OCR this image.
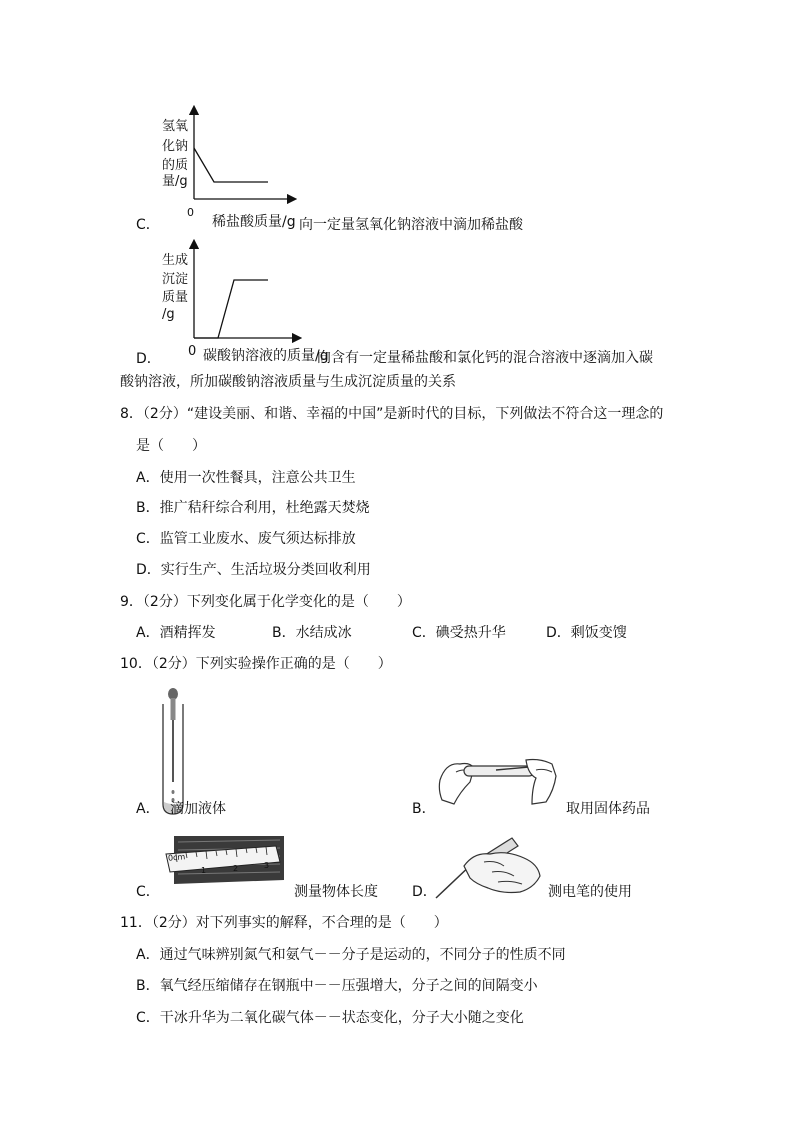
氢氧
化钠
的质
量/g
0
C．	稀盐酸质量/g 向一定量氢氧化钠溶液中滴加稀盐酸
生成
沉淀
质量
/g
0
D．	碳酸钠溶液的质量/g
向含有一定量稀盐酸和氯化钙的混合溶液中逐滴加入碳
酸钠溶液，所加碳酸钠溶液质量与生成沉淀质量的关系
8．（2分）“建设美丽、和谐、幸福的中国”是新时代的目标，下列做法不符合这一理念的
是（　　）
A．使用一次性餐具，注意公共卫生
B．推广秸秆综合利用，杜绝露天焚烧
C．监管工业废水、废气须达标排放
D．实行生产、生活垃圾分类回收利用
9．（2分）下列变化属于化学变化的是（　　）
A．酒精挥发	B．水结成冰	C．碘受热升华	D．剩饭变馊
10．（2分）下列实验操作正确的是（　　）
A． 滴加液体	B．	取用固体药品
0cm
1	2	3
C．	测量物体长度 D．	测电笔的使用
11．（2分）对下列事实的解释，不合理的是（　　）
A．通过气味辨别氮气和氨气－－分子是运动的，不同分子的性质不同
B．氧气经压缩储存在钢瓶中－－压强增大，分子之间的间隔变小
C．干冰升华为二氧化碳气体－－状态变化，分子大小随之变化
